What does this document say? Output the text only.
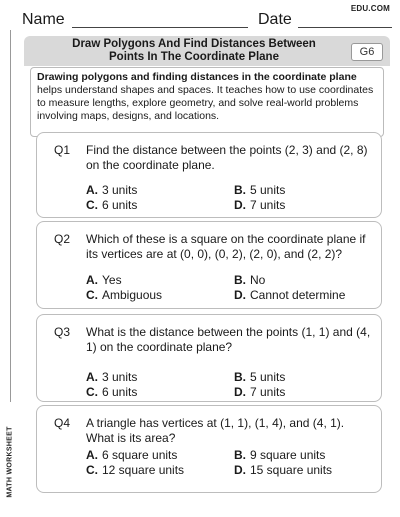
Name	Date
EDU.COM
MATH WORKSHEET
Draw Polygons And Find Distances Between
Points In The Coordinate Plane	G6
Drawing polygons and finding distances in the coordinate plane helps understand shapes and spaces. It teaches how to use coordinates to measure lengths, explore geometry, and solve real-world problems involving maps, designs, and locations.
Q1 Find the distance between the points (2, 3) and (2, 8) on the coordinate plane.
A. 3 units	B. 5 units
C. 6 units	D. 7 units
Q2 Which of these is a square on the coordinate plane if its vertices are at (0, 0), (0, 2), (2, 0), and (2, 2)?
A. Yes	B. No
C. Ambiguous	D. Cannot determine
Q3 What is the distance between the points (1, 1) and (4, 1) on the coordinate plane?
A. 3 units	B. 5 units
C. 6 units	D. 7 units
Q4 A triangle has vertices at (1, 1), (1, 4), and (4, 1). What is its area?
A. 6 square units	B. 9 square units
C. 12 square units	D. 15 square units
